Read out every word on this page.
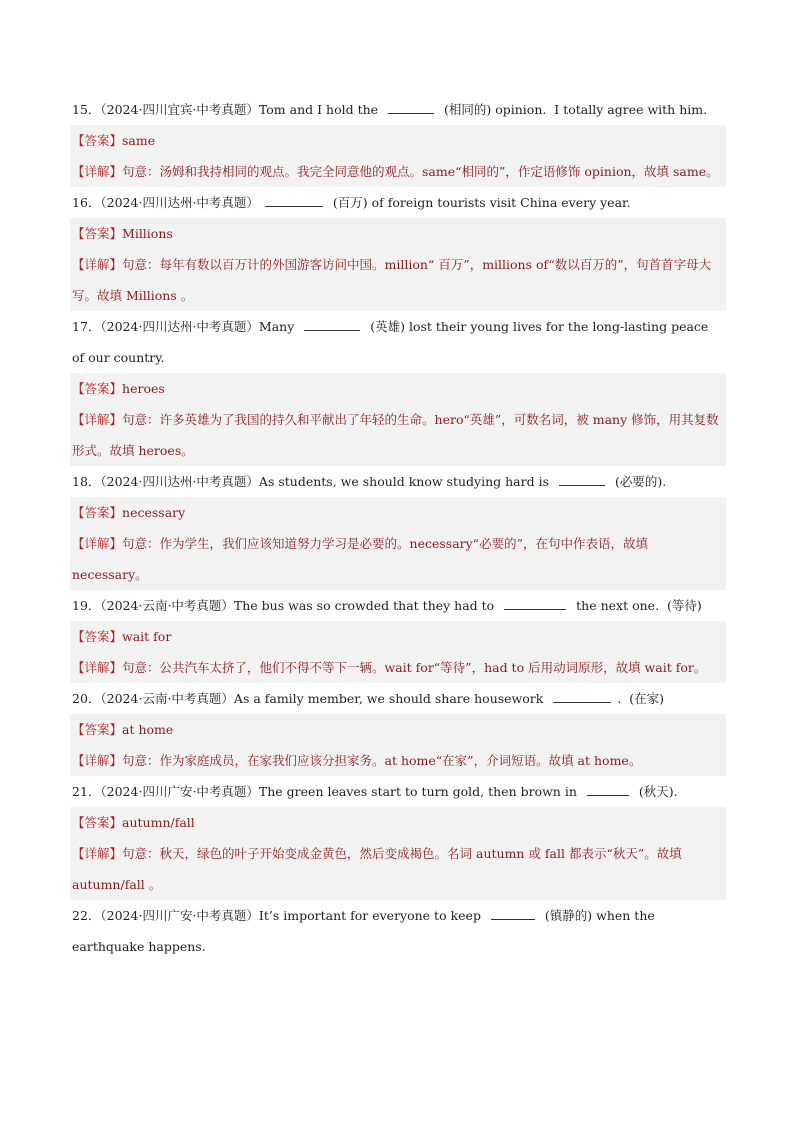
15．（2024·四川宜宾·中考真题）Tom and I hold the	(相同的) opinion.  I totally agree with him.
【答案】same
【详解】句意：汤姆和我持相同的观点。我完全同意他的观点。same“相同的”，作定语修饰 opinion，故填 same。
16．（2024·四川达州·中考真题）	(百万) of foreign tourists visit China every year.
【答案】Millions
【详解】句意：每年有数以百万计的外国游客访问中国。million“ 百万”，millions of“数以百万的”，句首首字母大写。故填 Millions 。
17．（2024·四川达州·中考真题）Many	(英雄) lost their young lives for the long-lasting peace of our country.
【答案】heroes
【详解】句意：许多英雄为了我国的持久和平献出了年轻的生命。hero“英雄”，可数名词，被 many 修饰，用其复数形式。故填 heroes。
18．（2024·四川达州·中考真题）As students, we should know studying hard is	(必要的).
【答案】necessary
【详解】句意：作为学生，我们应该知道努力学习是必要的。necessary“必要的”，在句中作表语，故填 necessary。
19．（2024·云南·中考真题）The bus was so crowded that they had to	the next one.  (等待)
【答案】wait for
【详解】句意：公共汽车太挤了，他们不得不等下一辆。wait for“等待”，had to 后用动词原形，故填 wait for。
20．（2024·云南·中考真题）As a family member, we should share housework	.  (在家)
【答案】at home
【详解】句意：作为家庭成员，在家我们应该分担家务。at home“在家”，介词短语。故填 at home。
21．（2024·四川广安·中考真题）The green leaves start to turn gold, then brown in	(秋天).
【答案】autumn/fall
【详解】句意：秋天，绿色的叶子开始变成金黄色，然后变成褐色。名词 autumn 或 fall 都表示“秋天”。故填 autumn/fall 。
22．（2024·四川广安·中考真题）It’s important for everyone to keep	(镇静的) when the earthquake happens.
